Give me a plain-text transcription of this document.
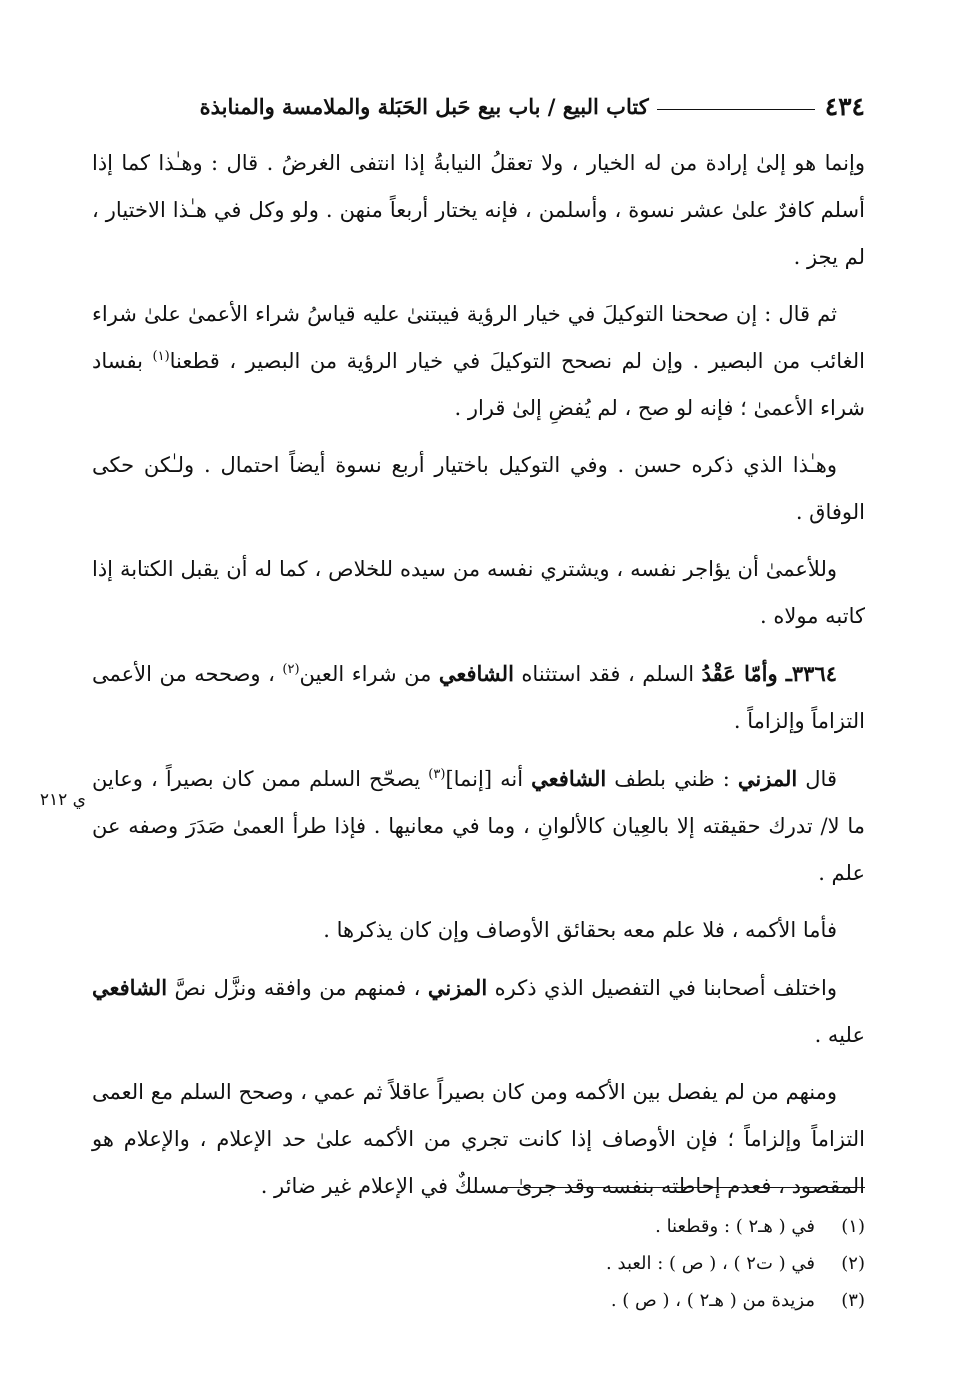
٤٣٤
كتاب البيع / باب بيع حَبل الحَبَلة والملامسة والمنابذة

وإنما هو إلىٰ إرادة من له الخيار ، ولا تعقلُ النيابةُ إذا انتفى الغرضُ . قال : وهـٰذا كما إذا أسلم كافرٌ علىٰ عشر نسوة ، وأسلمن ، فإنه يختار أربعاً منهن . ولو وكل في هـٰذا الاختيار ، لم يجز .

ثم قال : إن صححنا التوكيلَ في خيار الرؤية فيبتنىٰ عليه قياسُ شراء الأعمىٰ علىٰ شراء الغائب من البصير . وإن لم نصحح التوكيلَ في خيار الرؤية من البصير ، قطعنا$^{(١)}$ بفساد شراء الأعمىٰ ؛ فإنه لو صح ، لم يُفضِ إلىٰ قرار .

وهـٰذا الذي ذكره حسن . وفي التوكيل باختيار أربع نسوة أيضاً احتمال . ولـٰكن حكى الوفاق .

وللأعمىٰ أن يؤاجر نفسه ، ويشتري نفسه من سيده للخلاص ، كما له أن يقبل الكتابة إذا كاتبه مولاه .

٣٣٦٤ـ وأمّا عَقْدُ السلم ، فقد استثناه الشافعي من شراء العين$^{(٢)}$ ، وصححه من الأعمى التزاماً وإلزاماً .

قال المزني : ظني بلطف الشافعي أنه [إنما]$^{(٣)}$ يصحّح السلم ممن كان بصيراً ، وعاين ما لا/ تدرك حقيقته إلا بالعِيان كالألوانِ ، وما في معانيها . فإذا طرأ العمىٰ صَدَرَ وصفه عن علم .

فأما الأكمه ، فلا علم معه بحقائق الأوصاف وإن كان يذكرها .

واختلف أصحابنا في التفصيل الذي ذكره المزني ، فمنهم من وافقه ونزَّل نصَّ الشافعي عليه .

ومنهم من لم يفصل بين الأكمه ومن كان بصيراً عاقلاً ثم عمي ، وصحح السلم مع العمى التزاماً وإلزاماً ؛ فإن الأوصاف إذا كانت تجري من الأكمه علىٰ حد الإعلام ، والإعلام هو المقصود ، فعدم إحاطته بنفسه وقد جرىٰ مسلكٌ في الإعلام غير ضائر .

ي ٢١٢
(١)
في ( هـ٢ ) : وقطعنا .
(٢)
في ( ت٢ ) ، ( ص ) : العبد .
(٣)
مزيدة من ( هـ٢ ) ، ( ص ) .
